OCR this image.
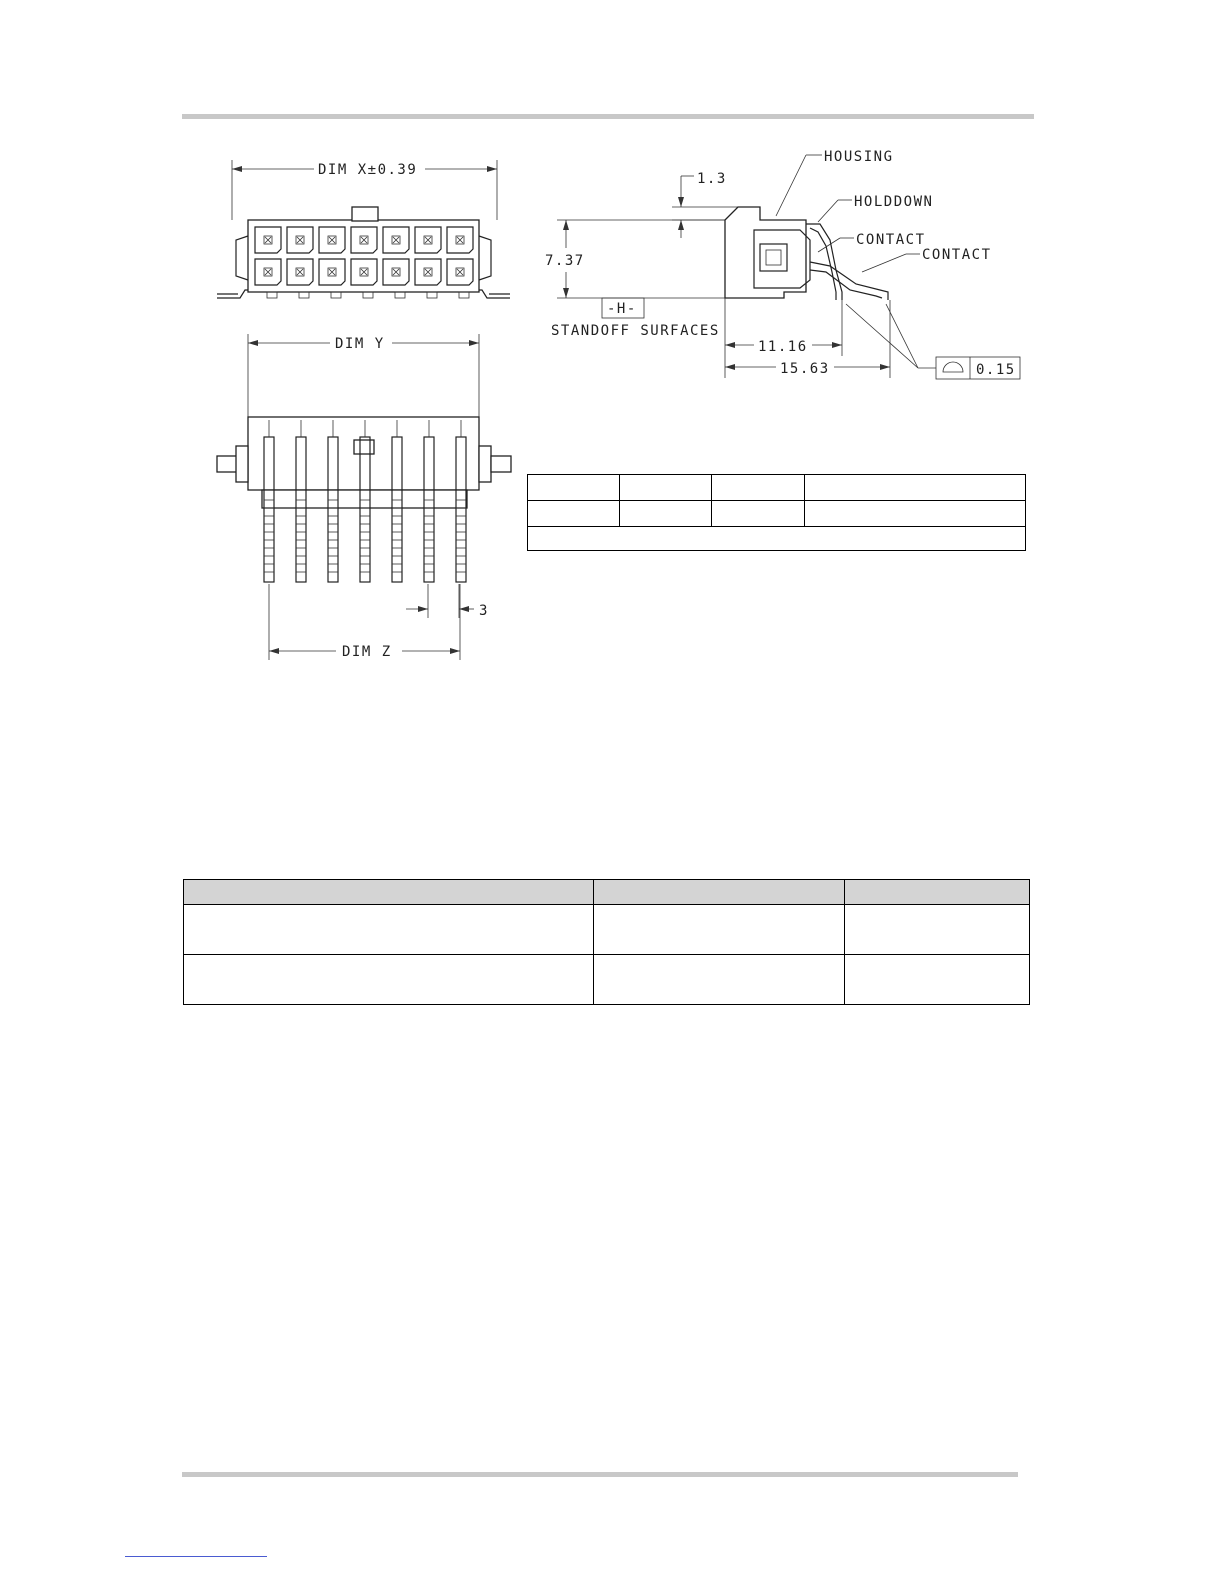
DIM X±0.39
DIM Y
3
DIM Z
1.3
7.37
-H-
STANDOFF SURFACES
HOUSING
HOLDDOWN
CONTACT
CONTACT
11.16
15.63	0.15
